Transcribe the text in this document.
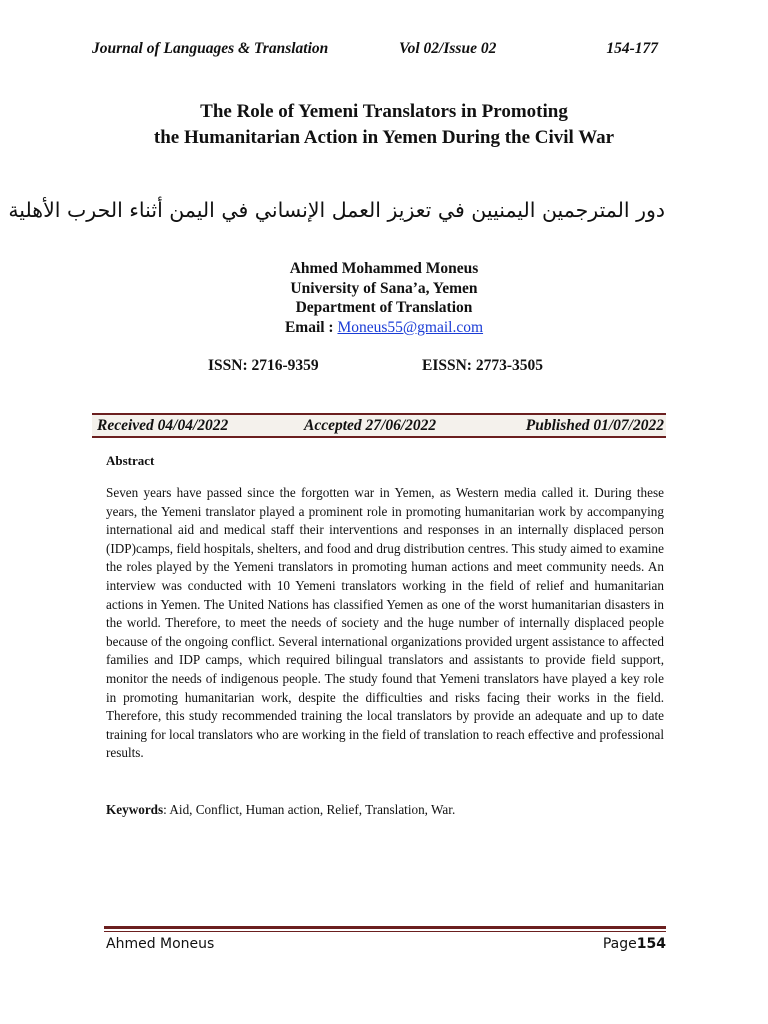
Journal of Languages & Translation	Vol 02/Issue 02	154-177
The Role of Yemeni Translators in Promoting
the Humanitarian Action in Yemen During the Civil War
دور المترجمين اليمنيين في تعزيز العمل الإنساني في اليمن أثناء الحرب الأهلية
Ahmed Mohammed Moneus
University of Sana’a, Yemen
Department of Translation
Email : Moneus55@gmail.com
ISSN: 2716-9359	EISSN: 2773-3505
Received 04/04/2022	Accepted 27/06/2022	Published 01/07/2022
Abstract
Seven years have passed since the forgotten war in Yemen, as Western media called it. During these years, the Yemeni translator played a prominent role in promoting humanitarian work by accompanying international aid and medical staff their interventions and responses in an internally displaced person (IDP)camps, field hospitals, shelters, and food and drug distribution centres. This study aimed to examine the roles played by the Yemeni translators in promoting human actions and meet community needs. An interview was conducted with 10 Yemeni translators working in the field of relief and humanitarian actions in Yemen. The United Nations has classified Yemen as one of the worst humanitarian disasters in the world. Therefore, to meet the needs of society and the huge number of internally displaced people because of the ongoing conflict. Several international organizations provided urgent assistance to affected families and IDP camps, which required bilingual translators and assistants to provide field support, monitor the needs of indigenous people. The study found that Yemeni translators have played a key role in promoting humanitarian work, despite the difficulties and risks facing their works in the field. Therefore, this study recommended training the local translators by provide an adequate and up to date training for local translators who are working in the field of translation to reach effective and professional results.
Keywords: Aid, Conflict, Human action, Relief, Translation, War.
Ahmed Moneus	Page154
